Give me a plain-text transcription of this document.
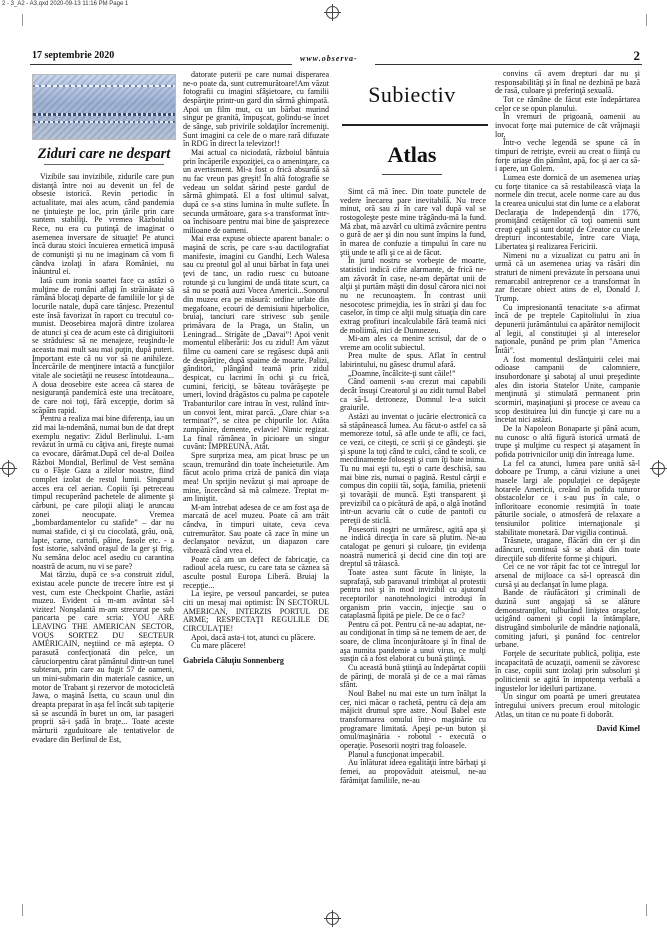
2 - 3_A2 - A3.qxd 2020-09-13 11:16 PM Page 1
17 septembrie 2020	www.observa-	2
Ziduri care ne despart

Vizibile sau invizibile, zidurile care pun distanţă între noi au devenit un fel de obsesie istorică. Revin periodic în actualitate, mai ales acum, când pandemia ne ţintuieşte pe loc, prin ţările prin care suntem stabiliţi. Pe vremea Războiului Rece, nu era cu putinţă de imaginat o asemenea inversare de situaţie! Pe atunci încă durau stoici încuierea ermetică impusă de comunişti şi nu ne imaginam că vom fi cândva izolaţi în afara României, nu înăuntrul ei.

Iată cum ironia soartei face ca astăzi o mulţime de români aflaţi în străinătate să rămână blocaţi departe de familiile lor şi de locurile natale, după care tânjesc. Prezentul este însă favorizat în raport cu trecutul co-munist. Deosebirea majoră dintre izolarea de atunci şi cea de acum este că dirigiuitorii se străduiesc să ne menajeze, reuşindu-le aceasta mai mult sau mai puţin, după puteri. Important este că nu vor să ne anihileze. Încercările de menţinere intactă a funcţiilor vitale ale societăţii ne reusesc întotdeauna... A doua deosebire este aceea că starea de nesiguranţă pandemică este una trecătoare, de care noi toţi, fără excepţie, dorim să scăpăm rapid.

Pentru a realiza mai bine diferenţa, iau un zid mai la-ndemână, numai bun de dat drept exemplu negativ: Zidul Berlinului. L-am revăzut în urmă cu câţiva ani, fireşte numai ca evocare, dărâmat.După cel de-al Doilea Război Mondial, Berlinul de Vest semăna cu o Fâşie Gaza a zilelor noastre, fiind complet izolat de restul lumii. Singurul acces era cel aerian. Copiii îşi petreceau timpul recuperând pachetele de alimente şi cărbuni, pe care piloţii aliaţi le aruncau zonei neocupate. Vremea „bombardamentelor cu stafide” – dar nu numai stafide, ci şi cu ciocolată, grâu, ouă, lapte, carne, cartofi, pâine, fasole etc. - a fost istorie, salvând oraşul de la ger şi frig. Nu semăna deloc acel asediu cu carantina noastră de acum, nu vi se pare?

Mai târziu, după ce s-a construit zidul, existau acele puncte de trecere între est şi vest, cum este Checkpoint Charlie, astăzi muzeu. Evident că m-am avântat să-l vizitez! Nonşalantă m-am strecurat pe sub pancarta pe care scria: YOU ARE LEAVING THE AMERICAN SECTOR, VOUS SORTEZ DU SECTEUR AMÉRICAIN, neştiind ce mă aştepta. O parasută confecţionată din pelce, un căruciorpentru cărat pământul dintr-un tunel subteran, prin care au fugit 57 de oameni, un mini-submarin din materiale casnice, un motor de Trabant şi rezervor de motocicletă Jawa, o maşină Isetta, cu scaun unul din dreapta preparat în aşa fel încât sub tapiţerie să se ascundă în buret un om, iar pasageri proprii să-i şadă în braţe... Toate aceste mărturii zguduitoare ale tentativelor de evadare din Berlinul de Est,

datorate puterii pe care numai disperarea ne-o poate da, sunt cutremurătoare!Am văzut fotografii cu imagini sfâşietoare, cu familii despărţite printr-un gard din sârmă ghimpată. Apoi un film mut, cu un bărbat murind singur pe granită, împuşcat, golindu-se încet de sânge, sub privirile soldaţilor încremeniţi. Sunt imagini ca cele de o mare rară difuzate în RDG în direct la televizor!!

Mai actual ca niciodată, războiul bântuia prin încăperile expoziţiei, ca o ameninţare, ca un avertisment. Mi-a fost o frică absurdă să nu fac vreun pas greşit! În altă fotografie se vedeau un soldat sărind peste gardul de sârmă ghimpată. El a fost ultimul salvat, după ce s-a stins lumina în multe suflete. În secunda următoare, gara s-a transformat într-oa închisoare pentru mai bine de şaisprezece milioane de oameni.

Mai eraa expuse obiecte aparent banale: o maşină de scris, pe care s-au dactilografiat manifeste, imagini cu Gandhi, Lech Walesa sau cu preotul gol al unui bărbat în faţa unei ţevi de tanc, un radio ruesc cu butoane rotunde şi cu lungimi de undă titate scurt, ca să nu se poată auzi Vocea Americii...Sonorul din muzeu era pe măsură: ordine urlate din megafoane, ecouri de demisiuni hiperbolice, bruiaj, tanciuri care strivesc sub şenile primăvara de la Praga, un Stalin, un Leningrad... Strigăte de „Davai”! Apoi venit momentul eliberării: Jos cu zidul! Am văzut filme cu oameni care se regăsesc după anii de despărţire, după spaime de moarte. Palizi, gânditori, plângând teamă prin zidul despicat, cu lacrimi în ochi şi cu frică, cumini, fericiţi, se băteau tovărăşeşte pe umeri, lovind drăgăstos cu palma pe capotele Trabanturilor care intrau în vest, rulând într-un convoi lent, mirat parcă. „Oare chiar s-a terminat?”, se citea pe chipurile lor. Atâta zumpănire, demente, evlavie! Nimic regizat. La final rămânea în picioare un singur cuvânt: ÎMPREUNĂ. Atât.

Spre surpriza mea, am picat brusc pe un scaun, tremurând din toate încheieturile. Am făcut acolo prima criză de panică din viaţa mea! Un sprijin nevăzut şi mai aproape de mine, încercând să mă calmeze. Treptat m-am liniştit.

M-am întrebat adesea de ce am fost aşa de marcată de acel muzeu. Poate că am trăit cândva, în timpuri uitate, ceva ceva cutremurător. Sau poate că zace în mine un declanşator nevăzut, un diapazon care vibrează când vrea el.

Poate că am un defect de fabricaţie, ca radioul acela ruesc, cu care tata se căznea să asculte postul Europa Liberă. Bruiaj la recepţie...

La ieşire, pe versoul pancardei, se putea citi un mesaj mai optimist: ÎN SECTORUL AMERICAN, INTERZIS PORTUL DE ARME; RESPECTAŢI REGULILE DE CIRCULAŢIE!

Apoi, dacă asta-i tot, atunci cu plăcere.

Cu mare plăcere!

Gabriela Căluţiu Sonnenberg

Subiectiv
Atlas

Simt că mă înec. Din toate punctele de vedere înecarea pare inevitabilă. Nu trece minut, oră sau zi în care val după val se rostogoleşte peste mine trăgându-mă la fund. Mă zbat, mă azvârl cu ultimă zvâcnire pentru o gură de aer şi din nou sunt împins la fund, în marea de confuzie a timpului în care nu ştii unde te afli şi ce ai de făcut.

În jurul nostru se vorbeşte de moarte, statistici indică cifre alarmante, de frică ne-am zăvorât în case, ne-am depărtat unii de alţii şi purtăm măşti din dosul cărora nici noi nu ne recunoaştem. În contrast unii nesocotesc primejdia, ies în străzi şi dau foc caselor, în timp ce alţii mulg situaţia din care extrag profituri incalculabile fără teamă nici de moliimă, nici de Dumnezeu.

Mi-am ales ca menire scrisul, dar de o vreme am ocolit subiectul.

Prea multe de spus. Aflat în centrul labirintului, nu găsesc drumul afară.

„Doamne, încâlcite-ţi sunt căile!”

Când oamenii s-au crezut mai capabili decât însuşi Creatorul şi au zidit turnul Babel ca să-L detroneze, Domnul le-a suicit graiurile.

Astăzi au inventat o jucărie electronică ca să stăpânească lumea. Au făcut-o astfel ca să memoreze totul, să afle unde te afli, ce faci, ce vezi, ce citeşti, ce scrii şi ce gândeşti. şie şi spune la toţi când te culci, când te scoli, ce mecdinamentе foloseşti şi cum îţi bate inima. Tu nu mai eşti tu, eşti o carte deschisă, sau mai bine zis, numai o pagină. Restul cărţii e compus din copiii tăi, soţia, familia, prietenii şi tovarăşii de muncă. Eşti transparent şi previzibil ca o picătură de apă, o algă înotând într-un acvariu cât o cutie de pantofi cu pereţii de sticlă.

Posesorii noştri ne urmăresc, agită apa şi ne indică direcţia în care să plutim. Ne-au catalogat pe genuri şi culoare, ţin evidenţa noastră numerică şi decid cine din toţi are dreptul să trăiască.

Toate astea sunt făcute în linişte, la suprafaţă, sub paravanul trimbiţat al protestii pentru noi şi în mod invizibil cu ajutorul receptorilor nanotehnologici introduşi în organism prin vaccin, injecţie sau o cataplasmă lipită pe piele. De ce o fac?

Pentru că pot. Pentru că ne-au adaptat, ne-au condiţionat în timp să ne temem de aer, de soare, de clima înconjurătoare şi în final de aşa numita pandemie a unui virus, ce mulţi susţin că a fost elaborat cu bună ştiinţă.

Cu această bună ştiinţă au îndepărtat copiii de părinţi, de morală şi de ce a mai rămas sfânt.

Noul Babel nu mai este un turn înălţat la cer, nici măcar o rachetă, pentru că deja am măjicit drumul spre astre. Noul Babel este transformarea omului într-o maşinărie cu programare limitată. Apeşi pe-un buton şi omul/maşinăria - robotul - execută o operaţie. Posesorii noştri trag foloasele.

Planul a funcţionat impecabil.

Au înlăturat ideea egalităţii între bărbaţi şi femei, au propovăduit ateismul, ne-au fărâmiţat familiile, ne-au

convins că avem drepturi dar nu şi responsabilităţi şi în final ne dezbină pe bază de rasă, culoare şi preferinţă sexuală.

Tot ce rămâne de făcut este îndepărtarea celor ce se opun planului.

În vremuri de prigoană, oamenii au invocat forţe mai puternice de cât vrăjmaşii lor.

Într-o veche legendă se spune că în timpuri de retrişte, evreii au creat o fiinţă cu forţe uriaşe din pământ, apă, foc şi aer ca să-i apere, un Golem.

Lumea este dornică de un asemenea uriaş cu forţe titanice ca să restabilească viaţa la normele din trecut, acele norme care au dus la crearea unicului stat din lume ce a elaborat Declaraţia de Independenţă din 1776, promiţând cetăţenilor că toţi oamenii sunt creaţi egali şi sunt dotaţi de Creator cu unele drepturi incontestabile, între care Viaţa, Libertatea şi realizarea Fericirii.

Nimeni nu a vizualizat cu patru ani în urmă că un asemenea uriaş va răsări din straturi de nimeni prevăzute în persoana unui remarcabil antreprenor ce a transformat în zar fiecare obiect atins de el, Donald J. Trump.

Cu impresionantă tenacitate s-a afirmat încă de pe treptele Capitoliului în ziua depunerii jurământului ca apărător nemijlocit al legii, al constituţiei şi al intereselor naţionale, punând pe prim plan "America Întâi".

A fost momentul deslănţuirii celei mai odioase campanii de calomniere, insubordonare şi sabotaj al unui preşedinte ales din istoria Statelor Unite, campanie menţinută şi stimulată permanent prin scormiri, maşinaţiuni şi procese ce aveau ca scop destituirea lui din funcţie şi care nu a încetat nici astăzi.

De la Napoleon Bonaparte şi până acum, nu cunosc o altă figură istorică urmată de trupe şi mulţime cu respect şi ataşament în pofida potrivnicilor uniţi din întreaga lume.

La fel ca atunci, lumea pare unită să-l doboare pe Trump, a cărui viziune a unei masele largi ale populaţiei ce depăşeşte hotarele Americii, creând în pofida tuturor obstacolelor ce i s-au pus în cale, o înfloritoare economie resimţită în toate păturile sociale, o atmosferă de relaxare a tensiunilor politice internaţionale şi stabilitate monetară. Dar vigilia continuă.

Trăsnete, uragane, flăcări din cer şi din adâncuri, continuă să se abată din toate direcţiile sub diferite forme şi chipuri.

Cei ce ne vor răpit fac tot ce întregul lor arsenal de mijloace ca să-l oprească din cursă şi au declanşat în lume plaga.

Bande de răufăcători şi criminali de duzină sunt angajaţi să se alăture demonstranţilor, tulburând liniştea oraşelor, ucigând oameni şi copii la întâmplare, distrugând simbolurile de mândrie naţională, comiting jafuri, şi punând foc centrelor urbane.

Forţele de securitate publică, poliţia, este incapacitată de acuzaţii, oamenii se zăvoresc în case, copiii sunt izolaţi prin subsoluri şi politicienii se agită în impotenţa verbală a ingustelor lor ideiluri partizane.

Un singur om poartă pe umeri greutatea întregului univers precum eroul mitologic Atlas, un titan ce nu poate fi doborât.

David Kimel
